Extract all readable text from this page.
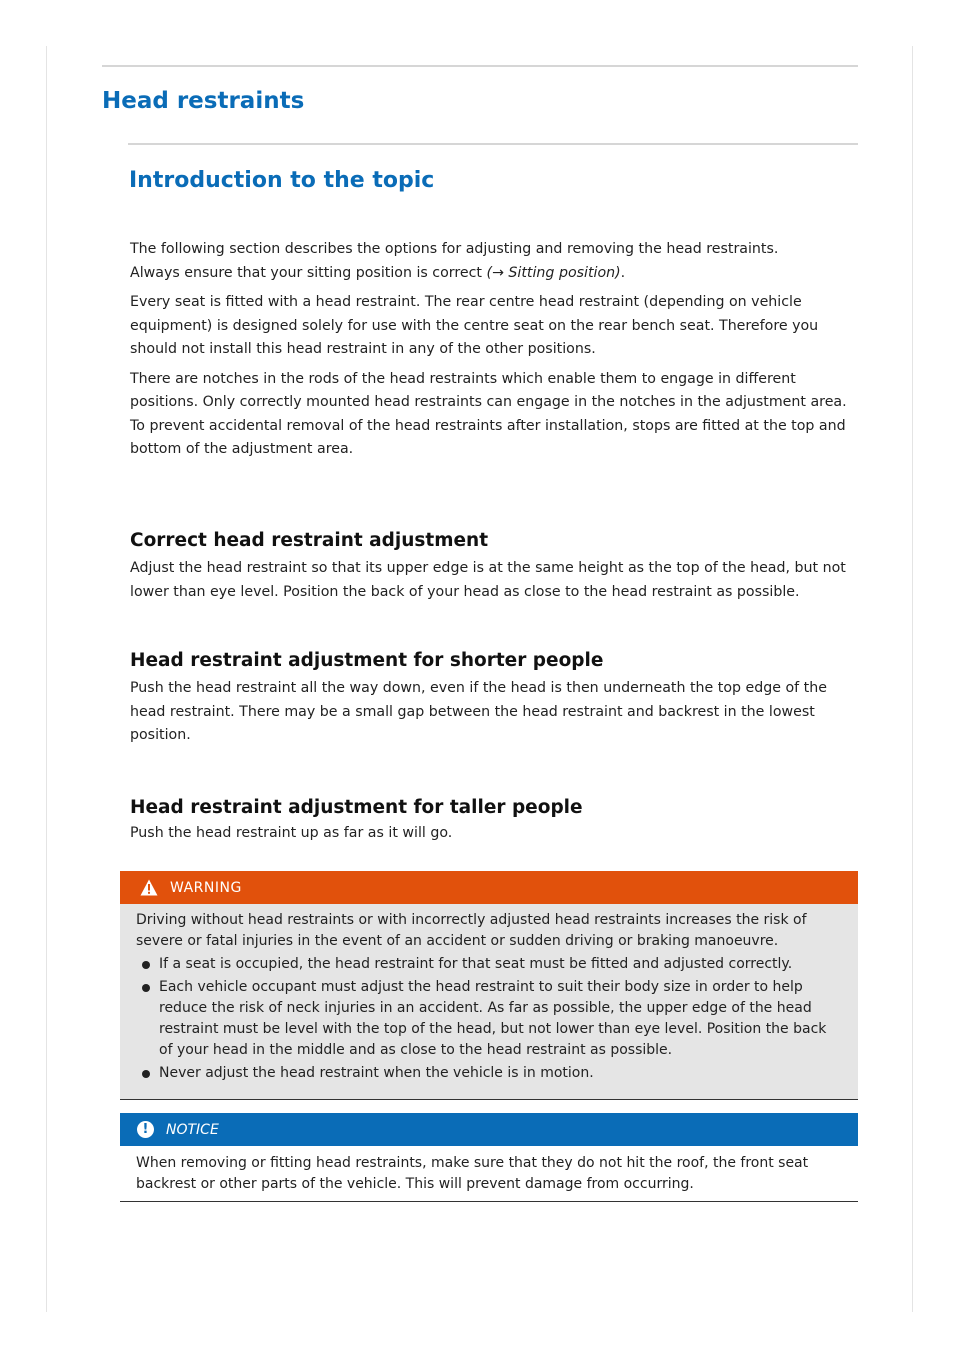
Head restraints
Introduction to the topic

The following section describes the options for adjusting and removing the head restraints.
Always ensure that your sitting position is correct (→ Sitting position).

Every seat is fitted with a head restraint. The rear centre head restraint (depending on vehicle equipment) is designed solely for use with the centre seat on the rear bench seat. Therefore you should not install this head restraint in any of the other positions.

There are notches in the rods of the head restraints which enable them to engage in different positions. Only correctly mounted head restraints can engage in the notches in the adjustment area. To prevent accidental removal of the head restraints after installation, stops are fitted at the top and bottom of the adjustment area.

Correct head restraint adjustment

Adjust the head restraint so that its upper edge is at the same height as the top of the head, but not lower than eye level. Position the back of your head as close to the head restraint as possible.

Head restraint adjustment for shorter people

Push the head restraint all the way down, even if the head is then underneath the top edge of the head restraint. There may be a small gap between the head restraint and backrest in the lowest position.

Head restraint adjustment for taller people

Push the head restraint up as far as it will go.

WARNING
Driving without head restraints or with incorrectly adjusted head restraints increases the risk of severe or fatal injuries in the event of an accident or sudden driving or braking manoeuvre.
If a seat is occupied, the head restraint for that seat must be fitted and adjusted correctly.
Each vehicle occupant must adjust the head restraint to suit their body size in order to help reduce the risk of neck injuries in an accident. As far as possible, the upper edge of the head restraint must be level with the top of the head, but not lower than eye level. Position the back of your head in the middle and as close to the head restraint as possible.
Never adjust the head restraint when the vehicle is in motion.
!	NOTICE
When removing or fitting head restraints, make sure that they do not hit the roof, the front seat backrest or other parts of the vehicle. This will prevent damage from occurring.
